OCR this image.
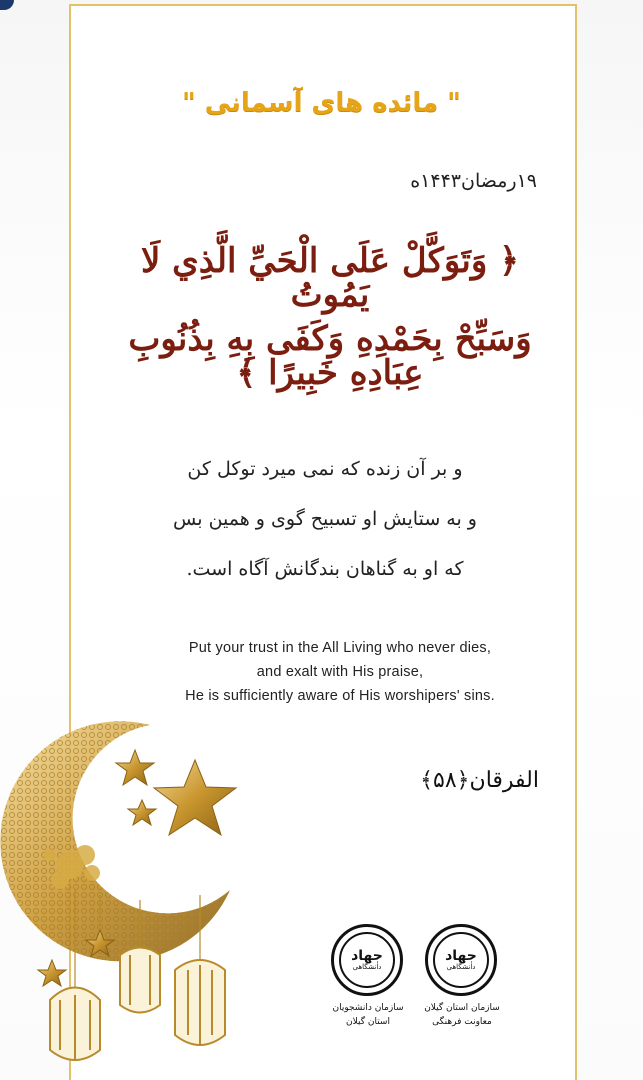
" مائده های آسمانی "
۱۹رمضان۱۴۴۳ه
﴿ وَتَوَكَّلْ عَلَى الْحَيِّ الَّذِي لَا يَمُوتُ
وَسَبِّحْ بِحَمْدِهِ وَكَفَى بِهِ بِذُنُوبِ عِبَادِهِ خَبِيرًا ﴾
و بر آن زنده که نمی میرد توکل کن
و به ستایش او تسبیح گوی و همین بس
که او به گناهان بندگانش آگاه است.
Put your trust in the All Living who never dies,
and exalt with His praise,
He is sufficiently aware of His worshipers' sins.
الفرقان﴿۵۸﴾
جهاد
دانشگاهی
سازمان دانشجویان
استان گیلان
جهاد
دانشگاهی
سازمان استان گیلان
معاونت فرهنگی
